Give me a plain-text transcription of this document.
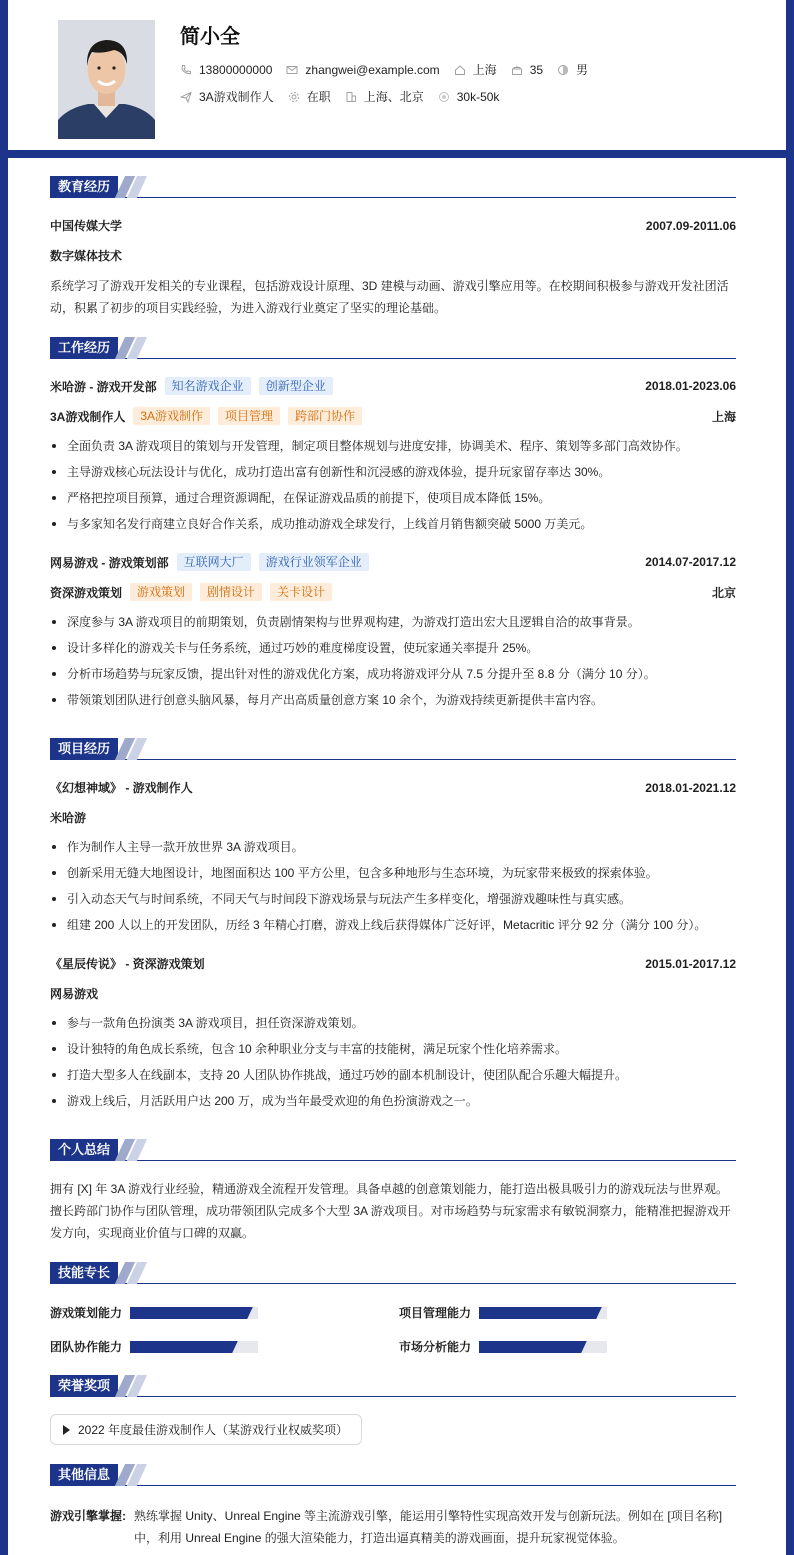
简小全
13800000000	zhangwei@example.com	上海	35	男
3A游戏制作人	在职	上海、北京	30k-50k
教育经历
中国传媒大学	2007.09-2011.06
数字媒体技术
系统学习了游戏开发相关的专业课程，包括游戏设计原理、3D 建模与动画、游戏引擎应用等。在校期间积极参与游戏开发社团活动，积累了初步的项目实践经验，为进入游戏行业奠定了坚实的理论基础。
工作经历
米哈游 - 游戏开发部	知名游戏企业	创新型企业	2018.01-2023.06
3A游戏制作人	3A游戏制作	项目管理	跨部门协作	上海
全面负责 3A 游戏项目的策划与开发管理，制定项目整体规划与进度安排，协调美术、程序、策划等多部门高效协作。
主导游戏核心玩法设计与优化，成功打造出富有创新性和沉浸感的游戏体验，提升玩家留存率达 30%。
严格把控项目预算，通过合理资源调配，在保证游戏品质的前提下，使项目成本降低 15%。
与多家知名发行商建立良好合作关系，成功推动游戏全球发行，上线首月销售额突破 5000 万美元。
网易游戏 - 游戏策划部	互联网大厂	游戏行业领军企业	2014.07-2017.12
资深游戏策划	游戏策划	剧情设计	关卡设计	北京
深度参与 3A 游戏项目的前期策划，负责剧情架构与世界观构建，为游戏打造出宏大且逻辑自洽的故事背景。
设计多样化的游戏关卡与任务系统，通过巧妙的难度梯度设置，使玩家通关率提升 25%。
分析市场趋势与玩家反馈，提出针对性的游戏优化方案，成功将游戏评分从 7.5 分提升至 8.8 分（满分 10 分）。
带领策划团队进行创意头脑风暴，每月产出高质量创意方案 10 余个，为游戏持续更新提供丰富内容。
项目经历
《幻想神域》 - 游戏制作人	2018.01-2021.12
米哈游
作为制作人主导一款开放世界 3A 游戏项目。
创新采用无缝大地图设计，地图面积达 100 平方公里，包含多种地形与生态环境，为玩家带来极致的探索体验。
引入动态天气与时间系统，不同天气与时间段下游戏场景与玩法产生多样变化，增强游戏趣味性与真实感。
组建 200 人以上的开发团队，历经 3 年精心打磨，游戏上线后获得媒体广泛好评，Metacritic 评分 92 分（满分 100 分）。
《星辰传说》 - 资深游戏策划	2015.01-2017.12
网易游戏
参与一款角色扮演类 3A 游戏项目，担任资深游戏策划。
设计独特的角色成长系统，包含 10 余种职业分支与丰富的技能树，满足玩家个性化培养需求。
打造大型多人在线副本，支持 20 人团队协作挑战，通过巧妙的副本机制设计，使团队配合乐趣大幅提升。
游戏上线后，月活跃用户达 200 万，成为当年最受欢迎的角色扮演游戏之一。
个人总结
拥有 [X] 年 3A 游戏行业经验，精通游戏全流程开发管理。具备卓越的创意策划能力，能打造出极具吸引力的游戏玩法与世界观。擅长跨部门协作与团队管理，成功带领团队完成多个大型 3A 游戏项目。对市场趋势与玩家需求有敏锐洞察力，能精准把握游戏开发方向，实现商业价值与口碑的双赢。
技能专长
游戏策划能力	项目管理能力
团队协作能力	市场分析能力
荣誉奖项
2022 年度最佳游戏制作人（某游戏行业权威奖项）
其他信息
游戏引擎掌握: 熟练掌握 Unity、Unreal Engine 等主流游戏引擎，能运用引擎特性实现高效开发与创新玩法。例如在 [项目名称]
中，利用 Unreal Engine 的强大渲染能力，打造出逼真精美的游戏画面，提升玩家视觉体验。
